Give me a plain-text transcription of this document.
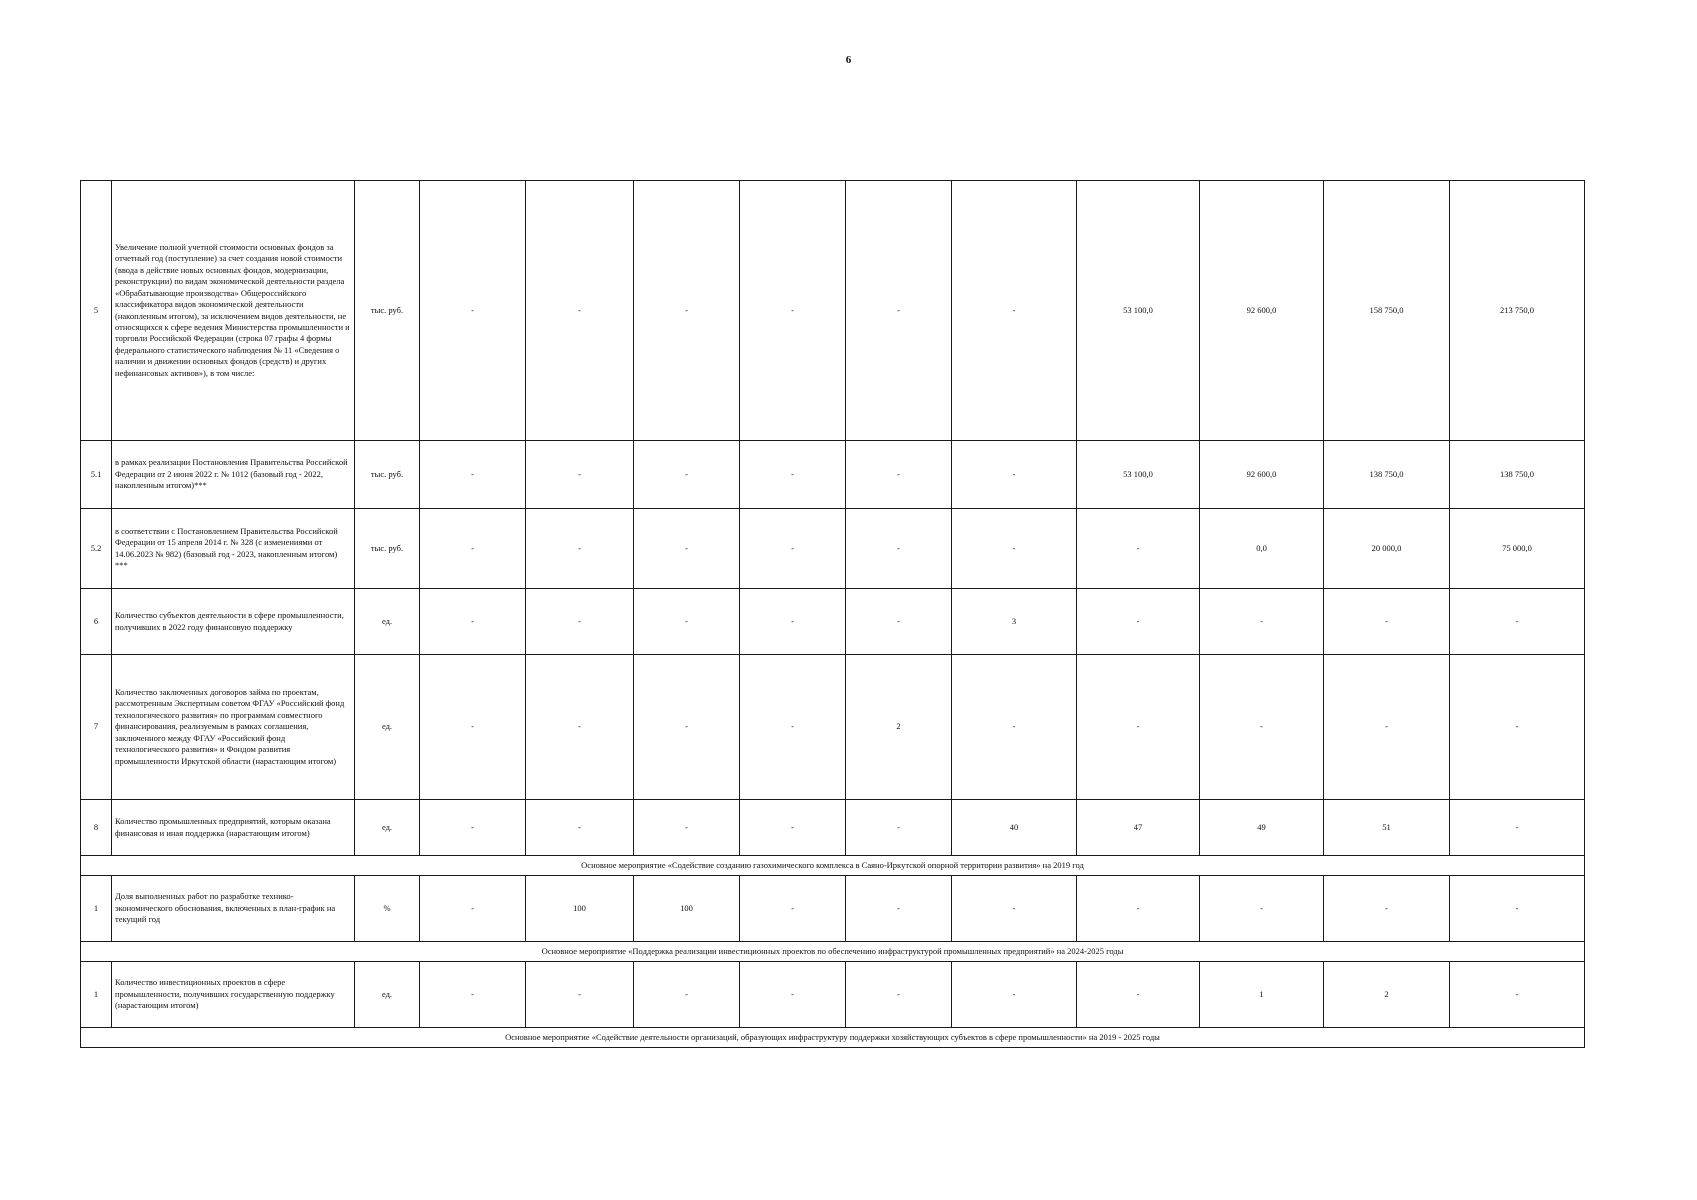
6
5	Увеличение полной учетной стоимости основных фондов за отчетный год (поступление) за счет создания новой стоимости (ввода в действие новых основных фондов, модернизации, реконструкции) по видам экономической деятельности раздела «Обрабатывающие производства» Общероссийского классификатора видов экономической деятельности (накопленным итогом), за исключением видов деятельности, не относящихся к сфере ведения Министерства промышленности и торговли Российской Федерации (строка 07 графы 4 формы федерального статистического наблюдения № 11 «Сведения о наличии и движении основных фондов (средств) и других нефинансовых активов»), в том числе:	тыс. руб.	-	-	-	-	-	-	53 100,0	92 600,0	158 750,0	213 750,0
5.1	в рамках реализации Постановления Правительства Российской Федерации от 2 июня 2022 г. № 1012 (базовый год - 2022, накопленным итогом)***	тыс. руб.	-	-	-	-	-	-	53 100,0	92 600,0	138 750,0	138 750,0
5.2	в соответствии с Постановлением Правительства Российской Федерации от 15 апреля 2014 г. № 328 (с изменениями от 14.06.2023 № 982) (базовый год - 2023, накопленным итогом) ***	тыс. руб.	-	-	-	-	-	-	-	0,0	20 000,0	75 000,0
6	Количество субъектов деятельности в сфере промышленности, получивших в 2022 году финансовую поддержку	ед.	-	-	-	-	-	3	-	-	-	-
7	Количество заключенных договоров займа по проектам, рассмотренным Экспертным советом ФГАУ «Российский фонд технологического развития» по программам совместного финансирования, реализуемым в рамках соглашения, заключенного между ФГАУ «Российский фонд технологического развития» и Фондом развития промышленности Иркутской области (нарастающим итогом)	ед.	-	-	-	-	2	-	-	-	-	-
8	Количество промышленных предприятий, которым оказана финансовая и иная поддержка (нарастающим итогом)	ед.	-	-	-	-	-	40	47	49	51	-
Основное мероприятие «Содействие созданию газохимического комплекса в Саяно-Иркутской опорной территории развития» на 2019 год												
1	Доля выполненных работ по разработке технико-экономического обоснования, включенных в план-график на текущий год	%	-	100	100	-	-	-	-	-	-	-
Основное мероприятие «Поддержка реализации инвестиционных проектов по обеспечению инфраструктурой промышленных предприятий» на 2024-2025 годы												
1	Количество инвестиционных проектов в сфере промышленности, получивших государственную поддержку (нарастающим итогом)	ед.	-	-	-	-	-	-	-	1	2	-
Основное мероприятие «Содействие деятельности организаций, образующих инфраструктуру поддержки хозяйствующих субъектов в сфере промышленности» на 2019 - 2025 годы												
